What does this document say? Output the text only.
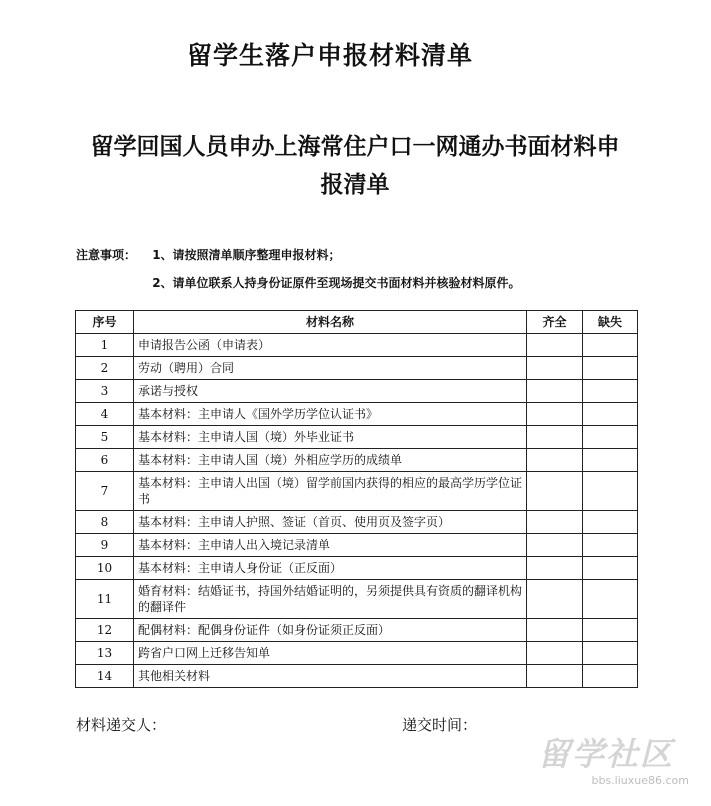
留学生落户申报材料清单
留学回国人员申办上海常住户口一网通办书面材料申
报清单
注意事项： 1、请按照清单顺序整理申报材料；
2、请单位联系人持身份证原件至现场提交书面材料并核验材料原件。
序号	材料名称	齐全	缺失
1	申请报告公函（申请表）		
2	劳动（聘用）合同		
3	承诺与授权		
4	基本材料：主申请人《国外学历学位认证书》		
5	基本材料：主申请人国（境）外毕业证书		
6	基本材料：主申请人国（境）外相应学历的成绩单		
7	基本材料：主申请人出国（境）留学前国内获得的相应的最高学历学位证书		
8	基本材料：主申请人护照、签证（首页、使用页及签字页）		
9	基本材料：主申请人出入境记录清单		
10	基本材料：主申请人身份证（正反面）		
11	婚育材料：结婚证书，持国外结婚证明的，另须提供具有资质的翻译机构的翻译件		
12	配偶材料：配偶身份证件（如身份证须正反面）		
13	跨省户口网上迁移告知单		
14	其他相关材料		
材料递交人：	递交时间：
留学社区
bbs.liuxue86.com
